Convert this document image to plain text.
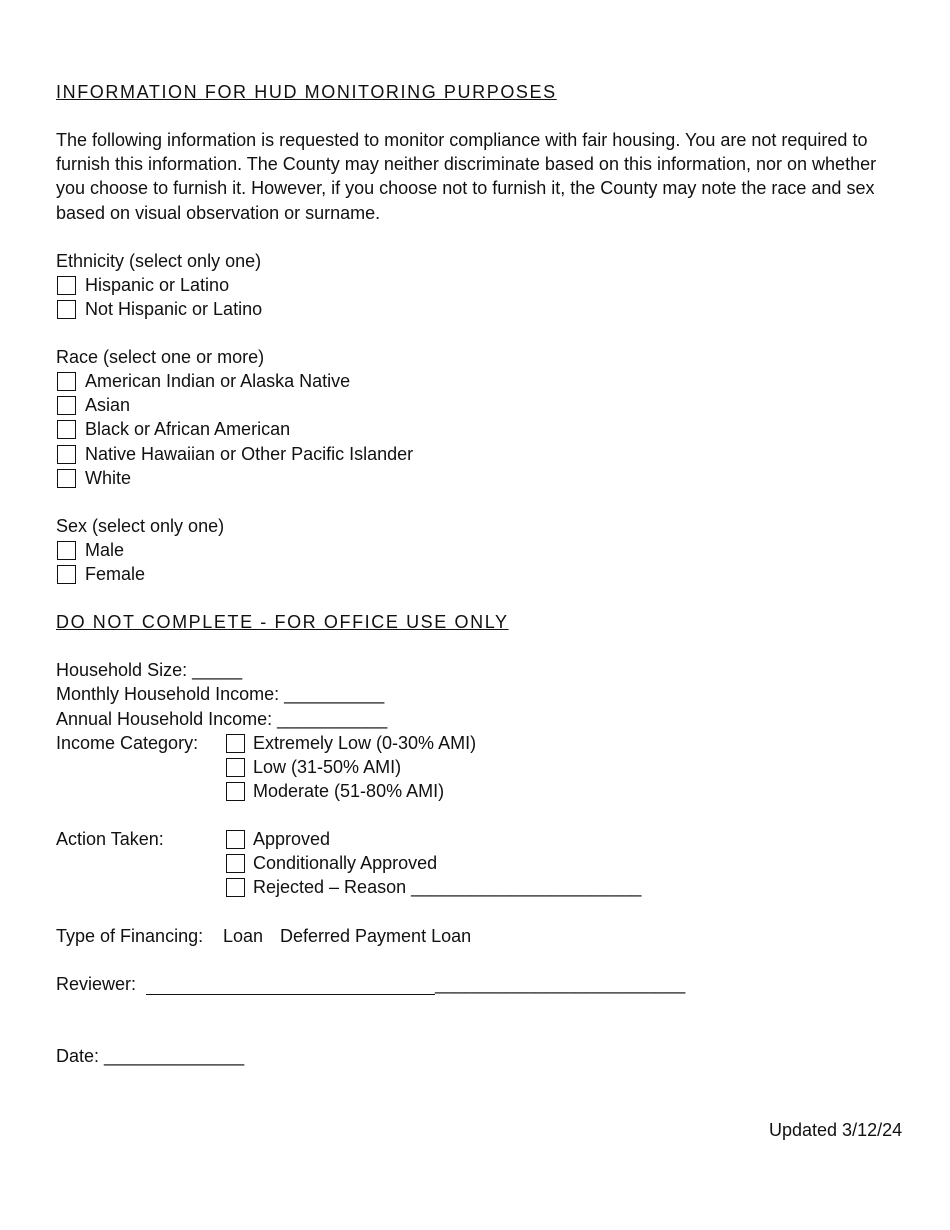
INFORMATION FOR HUD MONITORING PURPOSES
The following information is requested to monitor compliance with fair housing. You are not required to furnish this information. The County may neither discriminate based on this information, nor on whether you choose to furnish it. However, if you choose not to furnish it, the County may note the race and sex based on visual observation or surname.
Ethnicity (select only one)
Hispanic or Latino
Not Hispanic or Latino
Race (select one or more)
American Indian or Alaska Native
Asian
Black or African American
Native Hawaiian or Other Pacific Islander
White
Sex (select only one)
Male
Female
DO NOT COMPLETE - FOR OFFICE USE ONLY
Household Size: _____
Monthly Household Income: __________
Annual Household Income: ___________
Income Category:	Extremely Low (0-30% AMI)
Low (31-50% AMI)
Moderate (51-80% AMI)
Action Taken:	Approved
Conditionally Approved
Rejected – Reason _______________________
Type of Financing: Loan Deferred Payment Loan
Reviewer:	_________________________
Date: ______________
Updated 3/12/24
